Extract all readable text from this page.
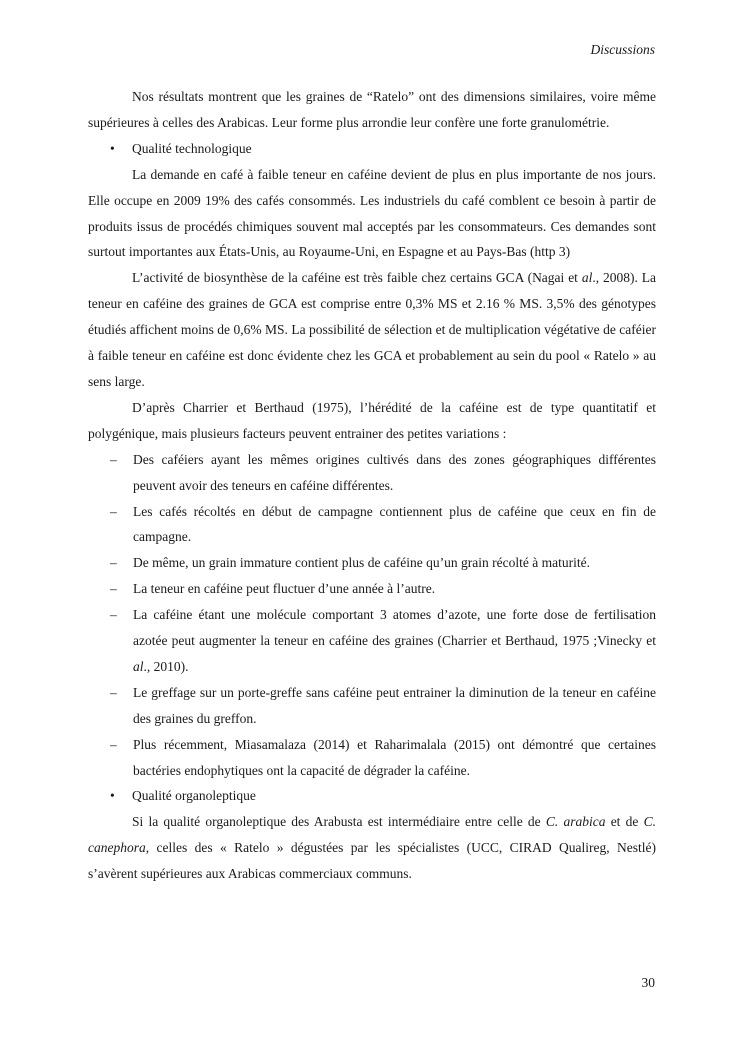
Discussions

Nos résultats montrent que les graines de “Ratelo” ont des dimensions similaires, voire même supérieures à celles des Arabicas. Leur forme plus arrondie leur confère une forte granulométrie.

• Qualité technologique

La demande en café à faible teneur en caféine devient de plus en plus importante de nos jours. Elle occupe en 2009 19% des cafés consommés. Les industriels du café comblent ce besoin à partir de produits issus de procédés chimiques souvent mal acceptés par les consommateurs. Ces demandes sont surtout importantes aux États-Unis, au Royaume-Uni, en Espagne et au Pays-Bas (http 3)

L’activité de biosynthèse de la caféine est très faible chez certains GCA (Nagai et al., 2008). La teneur en caféine des graines de GCA est comprise entre 0,3% MS et 2.16 % MS. 3,5% des génotypes étudiés affichent moins de 0,6% MS. La possibilité de sélection et de multiplication végétative de caféier à faible teneur en caféine est donc évidente chez les GCA et probablement au sein du pool « Ratelo » au sens large.

D’après Charrier et Berthaud (1975), l’hérédité de la caféine est de type quantitatif et polygénique, mais plusieurs facteurs peuvent entrainer des petites variations :

– Des caféiers ayant les mêmes origines cultivés dans des zones géographiques différentes peuvent avoir des teneurs en caféine différentes.

– Les cafés récoltés en début de campagne contiennent plus de caféine que ceux en fin de campagne.

– De même, un grain immature contient plus de caféine qu’un grain récolté à maturité.

– La teneur en caféine peut fluctuer d’une année à l’autre.

– La caféine étant une molécule comportant 3 atomes d’azote, une forte dose de fertilisation azotée peut augmenter la teneur en caféine des graines (Charrier et Berthaud, 1975 ;Vinecky et al., 2010).

– Le greffage sur un porte-greffe sans caféine peut entrainer la diminution de la teneur en caféine des graines du greffon.

– Plus récemment, Miasamalaza (2014) et Raharimalala (2015) ont démontré que certaines bactéries endophytiques ont la capacité de dégrader la caféine.

• Qualité organoleptique

Si la qualité organoleptique des Arabusta est intermédiaire entre celle de C. arabica et de C. canephora, celles des « Ratelo » dégustées par les spécialistes (UCC, CIRAD Qualireg, Nestlé) s’avèrent supérieures aux Arabicas commerciaux communs.

30
